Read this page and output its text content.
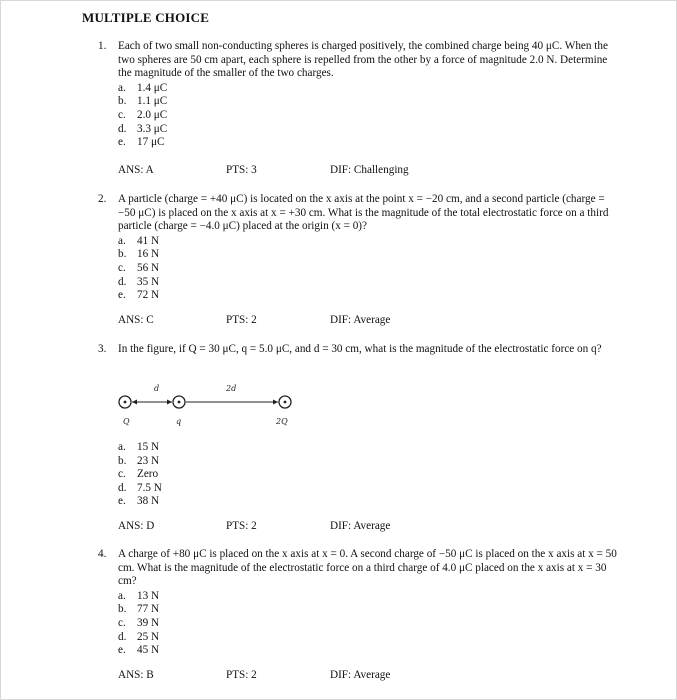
MULTIPLE CHOICE
1. Each of two small non-conducting spheres is charged positively, the combined charge being 40 μC. When the two spheres are 50 cm apart, each sphere is repelled from the other by a force of magnitude 2.0 N. Determine the magnitude of the smaller of the two charges.
a. 1.4 μC
b. 1.1 μC
c. 2.0 μC
d. 3.3 μC
e. 17 μC
ANS: A	PTS: 3	DIF: Challenging
2. A particle (charge = +40 μC) is located on the x axis at the point x = −20 cm, and a second particle (charge = −50 μC) is placed on the x axis at x = +30 cm. What is the magnitude of the total electrostatic force on a third particle (charge = −4.0 μC) placed at the origin (x = 0)?
a. 41 N
b. 16 N
c. 56 N
d. 35 N
e. 72 N
ANS: C	PTS: 2	DIF: Average
3. In the figure, if Q = 30 μC, q = 5.0 μC, and d = 30 cm, what is the magnitude of the electrostatic force on q?
d	2d
Q	q	2Q
a. 15 N
b. 23 N
c. Zero
d. 7.5 N
e. 38 N
ANS: D	PTS: 2	DIF: Average
4. A charge of +80 μC is placed on the x axis at x = 0. A second charge of −50 μC is placed on the x axis at x = 50 cm. What is the magnitude of the electrostatic force on a third charge of 4.0 μC placed on the x axis at x = 30 cm?
a. 13 N
b. 77 N
c. 39 N
d. 25 N
e. 45 N
ANS: B	PTS: 2	DIF: Average
